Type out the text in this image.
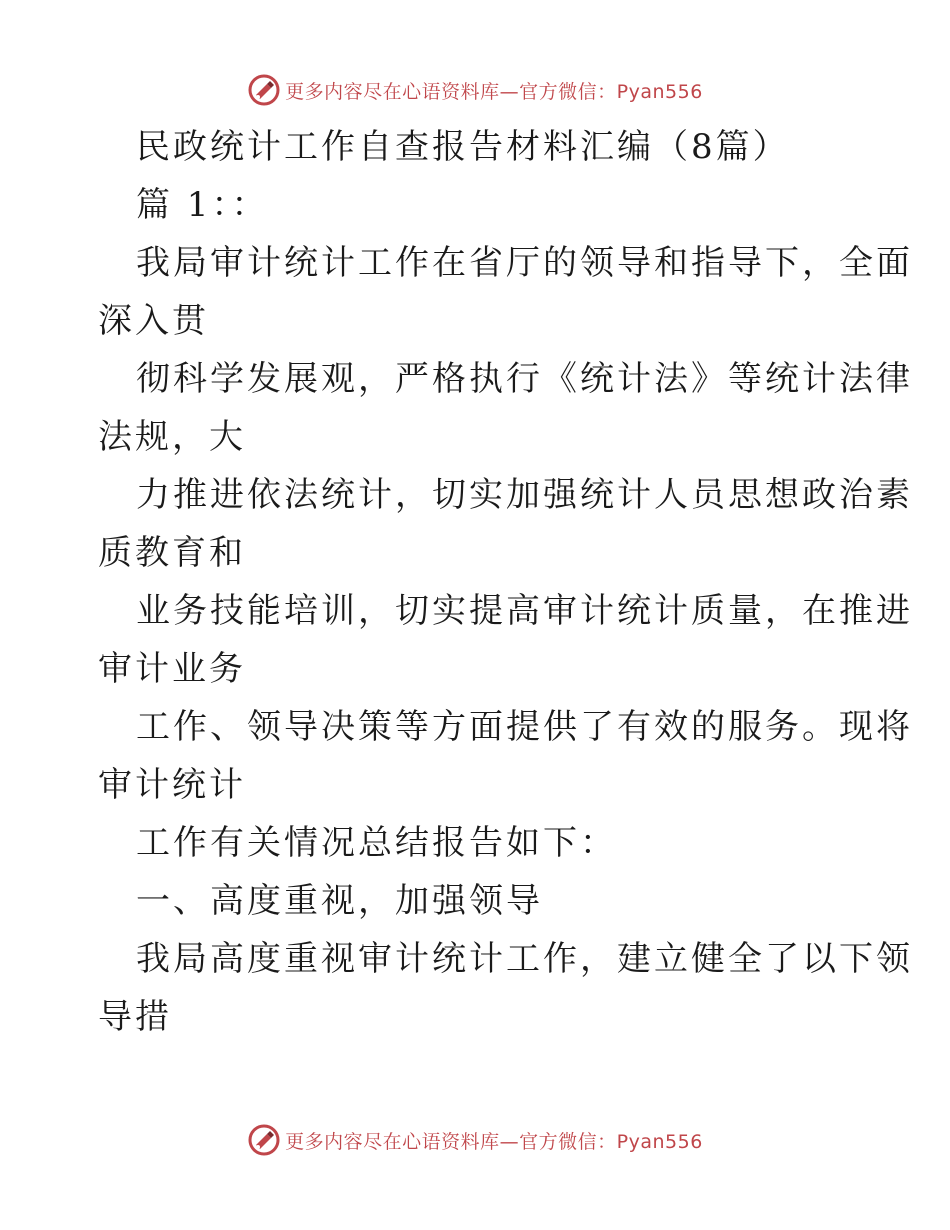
更多内容尽在心语资料库—官方微信：Pyan556
民政统计工作自查报告材料汇编（8篇）
篇 1：：
我局审计统计工作在省厅的领导和指导下，全面
深入贯
彻科学发展观，严格执行《统计法》等统计法律
法规，大
力推进依法统计，切实加强统计人员思想政治素
质教育和
业务技能培训，切实提高审计统计质量，在推进
审计业务
工作、领导决策等方面提供了有效的服务。现将
审计统计
工作有关情况总结报告如下：
一、高度重视，加强领导
我局高度重视审计统计工作，建立健全了以下领
导措
更多内容尽在心语资料库—官方微信：Pyan556
